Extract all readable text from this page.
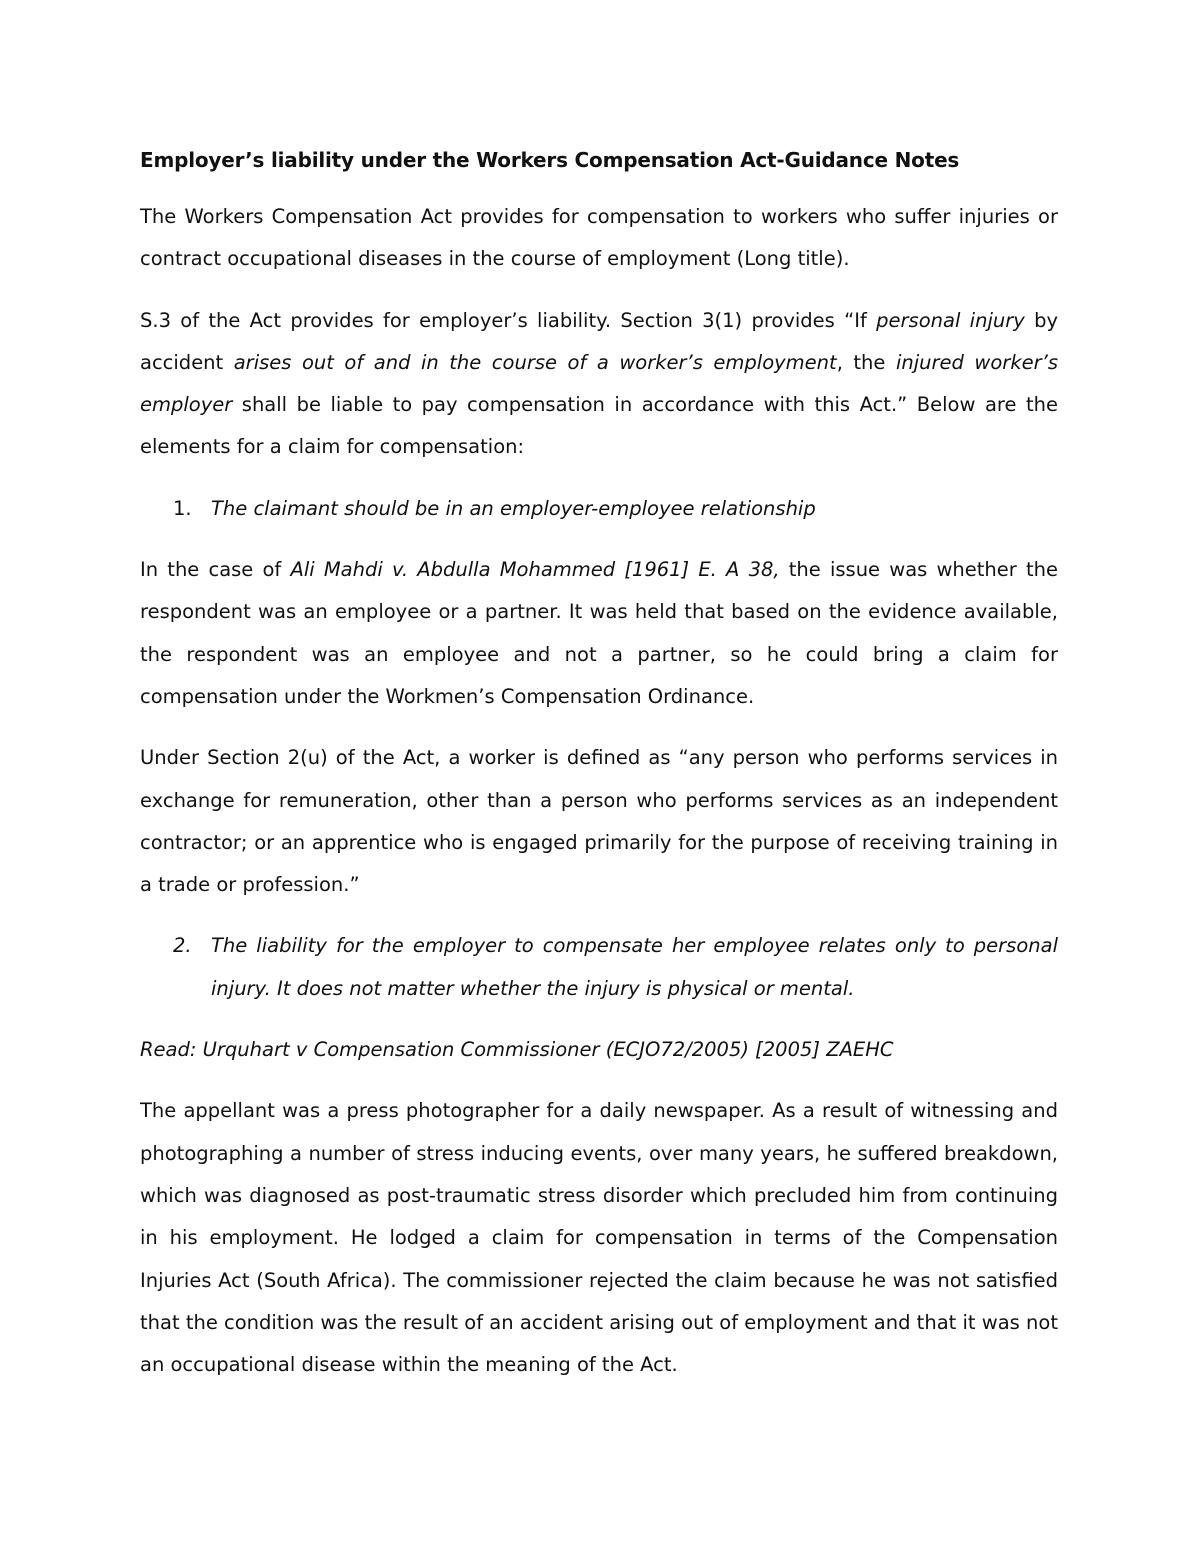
Employer’s liability under the Workers Compensation Act-Guidance Notes

The Workers Compensation Act provides for compensation to workers who suffer injuries or contract occupational diseases in the course of employment (Long title).

S.3 of the Act provides for employer’s liability. Section 3(1) provides “If personal injury by accident arises out of and in the course of a worker’s employment, the injured worker’s employer shall be liable to pay compensation in accordance with this Act.” Below are the elements for a claim for compensation:

1. The claimant should be in an employer-employee relationship

In the case of Ali Mahdi v. Abdulla Mohammed [1961] E. A 38, the issue was whether the respondent was an employee or a partner. It was held that based on the evidence available, the respondent was an employee and not a partner, so he could bring a claim for compensation under the Workmen’s Compensation Ordinance.

Under Section 2(u) of the Act, a worker is defined as “any person who performs services in exchange for remuneration, other than a person who performs services as an independent contractor; or an apprentice who is engaged primarily for the purpose of receiving training in a trade or profession.”

2. The liability for the employer to compensate her employee relates only to personal injury. It does not matter whether the injury is physical or mental.

Read: Urquhart v Compensation Commissioner (ECJO72/2005) [2005] ZAEHC

The appellant was a press photographer for a daily newspaper. As a result of witnessing and photographing a number of stress inducing events, over many years, he suffered breakdown, which was diagnosed as post-traumatic stress disorder which precluded him from continuing in his employment. He lodged a claim for compensation in terms of the Compensation Injuries Act (South Africa). The commissioner rejected the claim because he was not satisfied that the condition was the result of an accident arising out of employment and that it was not an occupational disease within the meaning of the Act.
